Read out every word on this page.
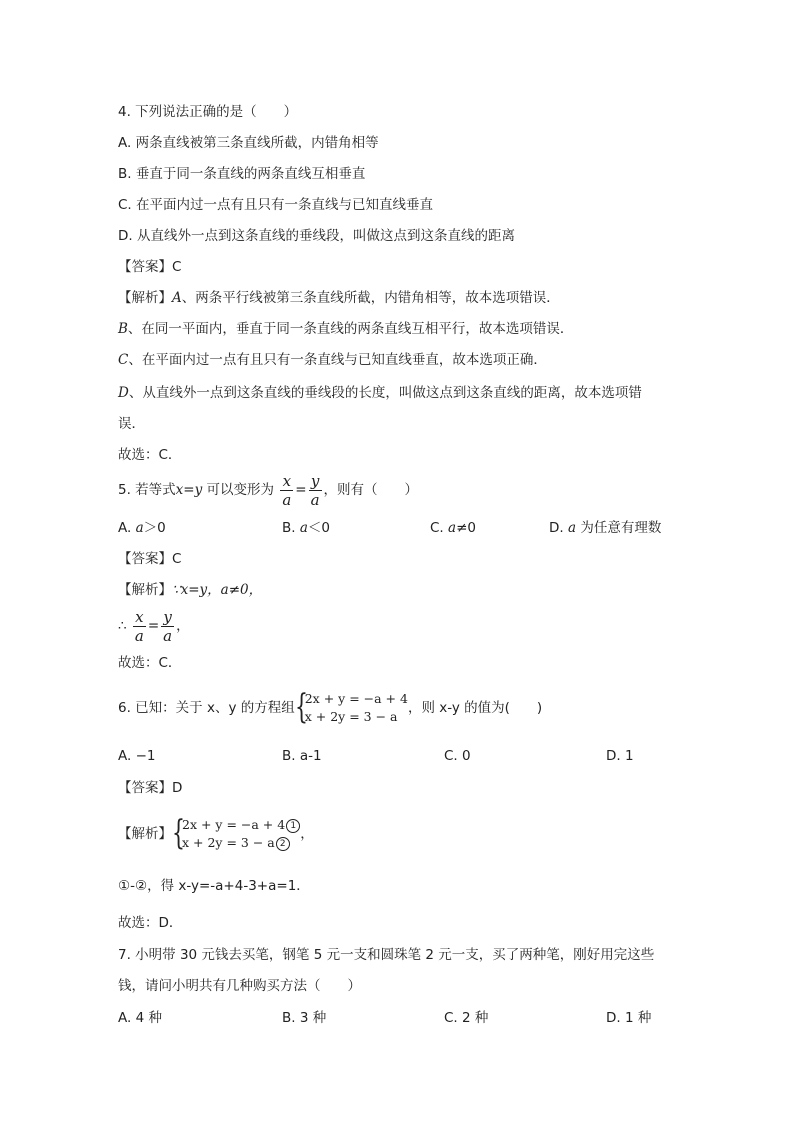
4. 下列说法正确的是（　　）
A. 两条直线被第三条直线所截，内错角相等
B. 垂直于同一条直线的两条直线互相垂直
C. 在平面内过一点有且只有一条直线与已知直线垂直
D. 从直线外一点到这条直线的垂线段，叫做这点到这条直线的距离
【答案】C
【解析】A、两条平行线被第三条直线所截，内错角相等，故本选项错误．
B、在同一平面内，垂直于同一条直线的两条直线互相平行，故本选项错误．
C、在平面内过一点有且只有一条直线与已知直线垂直，故本选项正确．
D、从直线外一点到这条直线的垂线段的长度，叫做这点到这条直线的距离，故本选项错
误．
故选：C．
5. 若等式x=y 可以变形为 $\frac{x}{a} = \frac{y}{a}$ ，则有（　　）
A. a＞0	B. a＜0	C. a≠0	D. a 为任意有理数
【答案】C
【解析】∵x=y，a≠0，
∴ $\frac{x}{a} = \frac{y}{a}$ ，
故选：C．
6. 已知：关于 x、y 的方程组 {
2x + y = −a + 4
x + 2y = 3 − a
，则 x-y 的值为(　　)
A. −1	B. a-1	C. 0	D. 1
【答案】D
【解析】 {
2x + y = −a + 4 1
x + 2y = 3 − a 2
，
①-②，得 x-y=-a+4-3+a=1．
故选：D．
7. 小明带 30 元钱去买笔，钢笔 5 元一支和圆珠笔 2 元一支，买了两种笔，刚好用完这些
钱，请问小明共有几种购买方法（　　）
A. 4 种	B. 3 种	C. 2 种	D. 1 种
